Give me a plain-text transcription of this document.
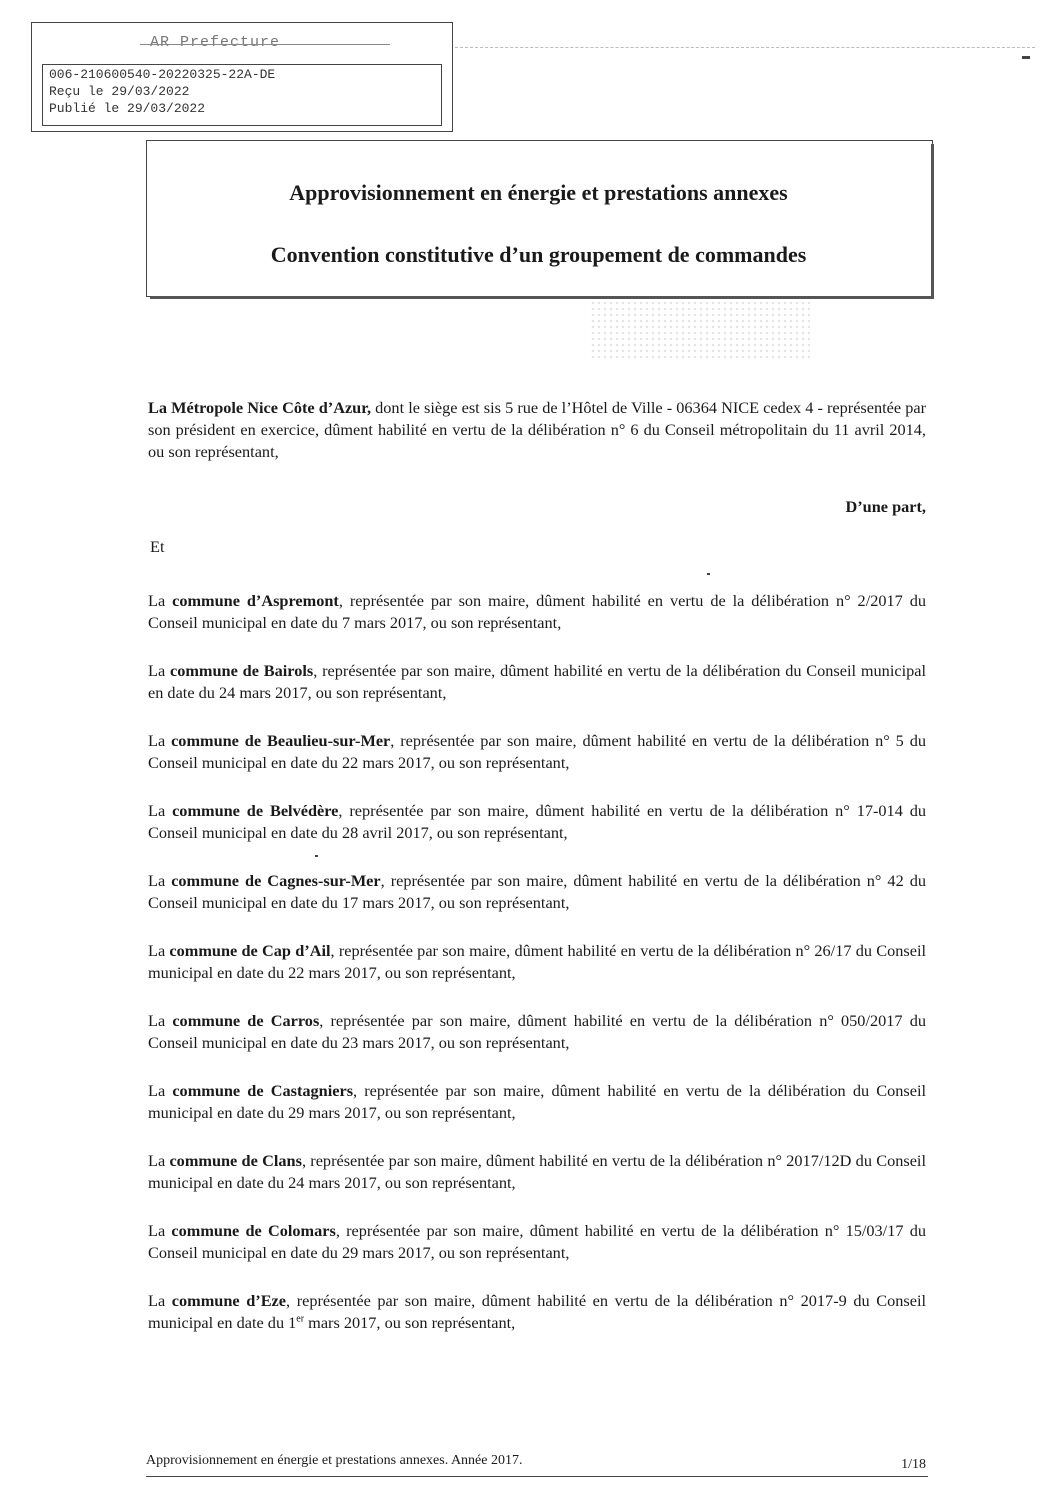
AR Prefecture
006-210600540-20220325-22A-DE
Reçu le 29/03/2022
Publié le 29/03/2022
Approvisionnement en énergie et prestations annexes
Convention constitutive d’un groupement de commandes
La Métropole Nice Côte d’Azur, dont le siège est sis 5 rue de l’Hôtel de Ville - 06364 NICE cedex 4 - représentée par son président en exercice, dûment habilité en vertu de la délibération n° 6 du Conseil métropolitain du 11 avril 2014, ou son représentant,
D’une part,
Et
La commune d’Aspremont, représentée par son maire, dûment habilité en vertu de la délibération n° 2/2017 du Conseil municipal en date du 7 mars 2017, ou son représentant,
La commune de Bairols, représentée par son maire, dûment habilité en vertu de la délibération du Conseil municipal en date du 24 mars 2017, ou son représentant,
La commune de Beaulieu-sur-Mer, représentée par son maire, dûment habilité en vertu de la délibération n° 5 du Conseil municipal en date du 22 mars 2017, ou son représentant,
La commune de Belvédère, représentée par son maire, dûment habilité en vertu de la délibération n° 17-014 du Conseil municipal en date du 28 avril 2017, ou son représentant,
La commune de Cagnes-sur-Mer, représentée par son maire, dûment habilité en vertu de la délibération n° 42 du Conseil municipal en date du 17 mars 2017, ou son représentant,
La commune de Cap d’Ail, représentée par son maire, dûment habilité en vertu de la délibération n° 26/17 du Conseil municipal en date du 22 mars 2017, ou son représentant,
La commune de Carros, représentée par son maire, dûment habilité en vertu de la délibération n° 050/2017 du Conseil municipal en date du 23 mars 2017, ou son représentant,
La commune de Castagniers, représentée par son maire, dûment habilité en vertu de la délibération du Conseil municipal en date du 29 mars 2017, ou son représentant,
La commune de Clans, représentée par son maire, dûment habilité en vertu de la délibération n° 2017/12D du Conseil municipal en date du 24 mars 2017, ou son représentant,
La commune de Colomars, représentée par son maire, dûment habilité en vertu de la délibération n° 15/03/17 du Conseil municipal en date du 29 mars 2017, ou son représentant,
La commune d’Eze, représentée par son maire, dûment habilité en vertu de la délibération n° 2017-9 du Conseil municipal en date du 1er mars 2017, ou son représentant,
Approvisionnement en énergie et prestations annexes. Année 2017.	1/18
